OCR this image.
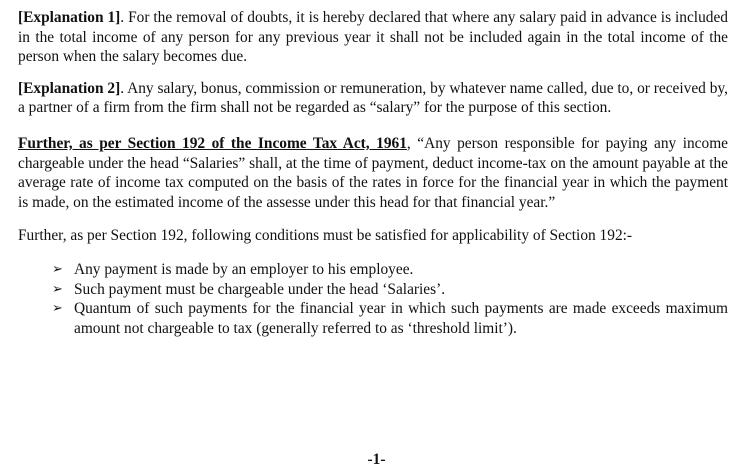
[Explanation 1]. For the removal of doubts, it is hereby declared that where any salary paid in advance is included in the total income of any person for any previous year it shall not be included again in the total income of the person when the salary becomes due.

[Explanation 2]. Any salary, bonus, commission or remuneration, by whatever name called, due to, or received by, a partner of a firm from the firm shall not be regarded as “salary” for the purpose of this section.

Further, as per Section 192 of the Income Tax Act, 1961, “Any person responsible for paying any income chargeable under the head “Salaries” shall, at the time of payment, deduct income-tax on the amount payable at the average rate of income tax computed on the basis of the rates in force for the financial year in which the payment is made, on the estimated income of the assesse under this head for that financial year.”

Further, as per Section 192, following conditions must be satisfied for applicability of Section 192:-

➢ Any payment is made by an employer to his employee.
➢ Such payment must be chargeable under the head ‘Salaries’.
➢ Quantum of such payments for the financial year in which such payments are made exceeds maximum amount not chargeable to tax (generally referred to as ‘threshold limit’).
-1-
